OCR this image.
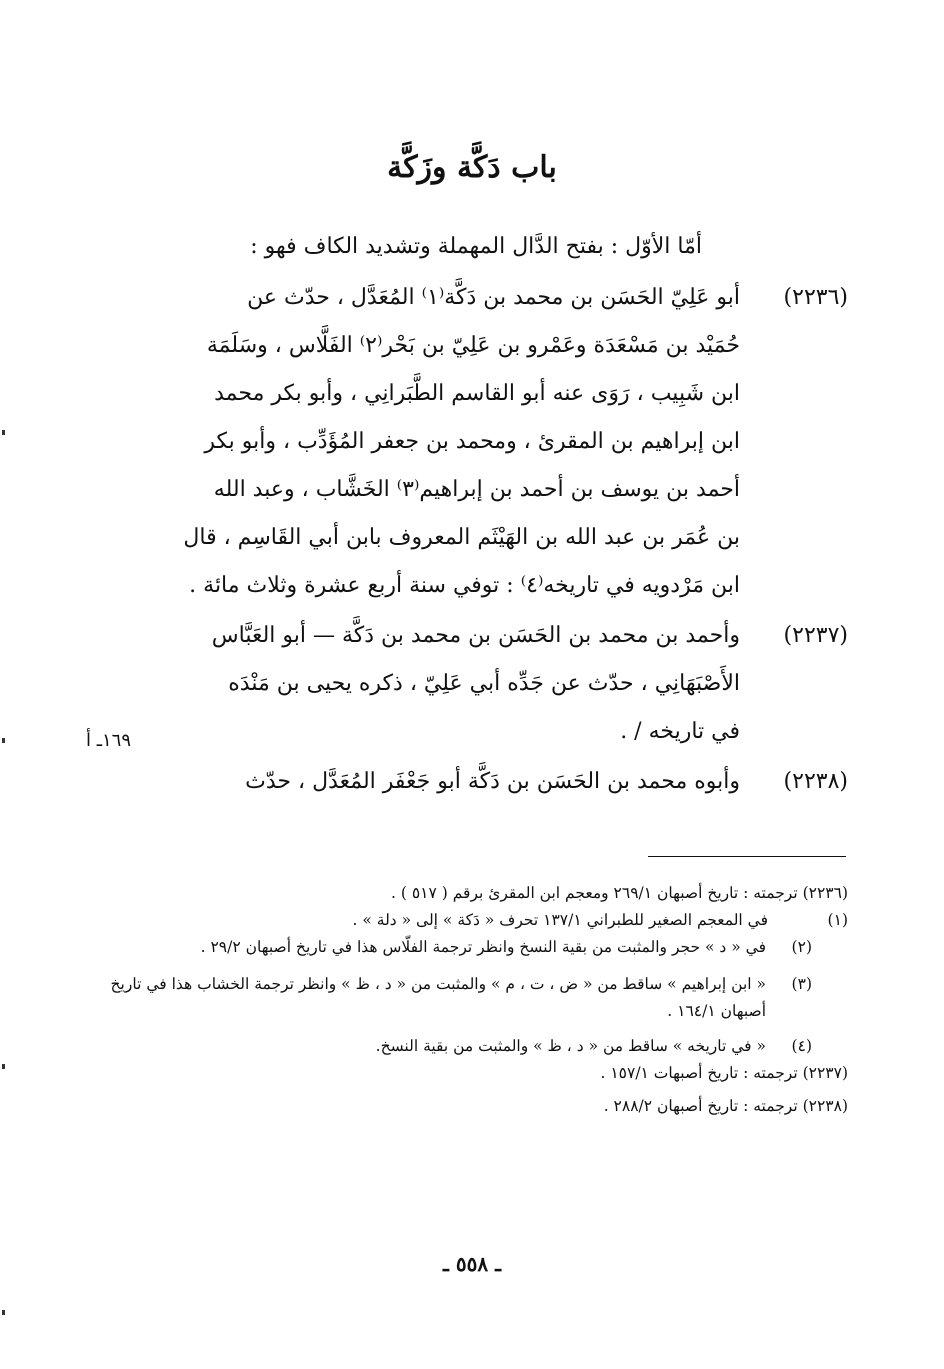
باب دَكَّة وزَكَّة
أمّا الأوّل : بفتح الدَّال المهملة وتشديد الكاف فهو :
(٢٢٣٦)
أبو عَلِيّ الحَسَن بن محمد بن دَكَّة⁽١⁾ المُعَدَّل ، حدّث عن
حُمَيْد بن مَسْعَدَة وعَمْرو بن عَلِيّ بن بَحْر⁽٢⁾ الفَلَّاس ، وسَلَمَة
ابن شَبِيب ، رَوَى عنه أبو القاسم الطَّبَرانِي ، وأبو بكر محمد
ابن إبراهيم بن المقرئ ، ومحمد بن جعفر المُؤَدِّب ، وأبو بكر
أحمد بن يوسف بن أحمد بن إبراهيم⁽٣⁾ الخَشَّاب ، وعبد الله
بن عُمَر بن عبد الله بن الهَيْثَم المعروف بابن أبي القَاسِم ، قال
ابن مَرْدويه في تاريخه⁽٤⁾ : توفي سنة أربع عشرة وثلاث مائة .
(٢٢٣٧)
وأحمد بن محمد بن الحَسَن بن محمد بن دَكَّة — أبو العَبَّاس
الأَصْبَهَانِي ، حدّث عن جَدِّه أبي عَلِيّ ، ذكره يحيى بن مَنْدَه
في تاريخه / .
١٦٩ـ أ
(٢٢٣٨)
وأبوه محمد بن الحَسَن بن دَكَّة أبو جَعْفَر المُعَدَّل ، حدّث
(٢٢٣٦) ترجمته : تاريخ أصبهان ٢٦٩/١ ومعجم ابن المقرئ برقم ( ٥١٧ ) .
(١)
في المعجم الصغير للطبراني ١٣٧/١ تحرف « دَكة » إلى « دلة » .
(٢)
في « د » حجر والمثبت من بقية النسخ وانظر ترجمة الفلّاس هذا في تاريخ أصبهان ٢٩/٢ .
(٣)
« ابن إبراهيم » ساقط من « ض ، ت ، م » والمثبت من « د ، ظ » وانظر ترجمة الخشاب هذا في تاريخ أصبهان ١٦٤/١ .
(٤)
« في تاريخه » ساقط من « د ، ظ » والمثبت من بقية النسخ.
(٢٢٣٧) ترجمته : تاريخ أصبهات ١٥٧/١ .
(٢٢٣٨) ترجمته : تاريخ أصبهان ٢٨٨/٢ .
ـ ٥٥٨ ـ
